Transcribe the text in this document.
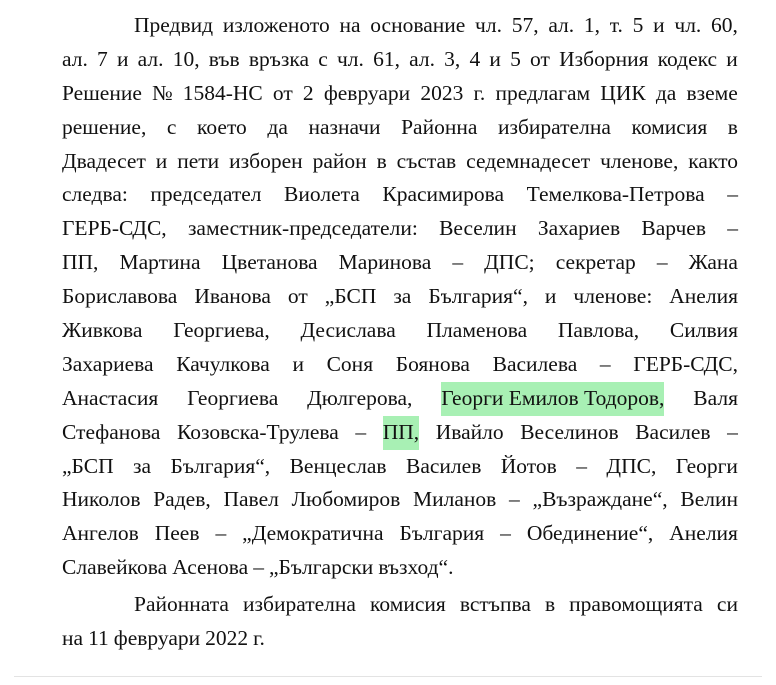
Предвид изложеното на основание чл. 57, ал. 1, т. 5 и чл. 60,
ал. 7 и ал. 10, във връзка с чл. 61, ал. 3, 4 и 5 от Изборния кодекс и
Решение № 1584-НС от 2 февруари 2023 г. предлагам ЦИК да вземе
решение, с което да назначи Районна избирателна комисия в
Двадесет и пети изборен район в състав седемнадесет членове, както
следва: председател Виолета Красимирова Темелкова-Петрова –
ГЕРБ-СДС, заместник-председатели: Веселин Захариев Варчев –
ПП, Мартина Цветанова Маринова – ДПС; секретар – Жана
Бориславова Иванова от „БСП за България“, и членове: Анелия
Живкова Георгиева, Десислава Пламенова Павлова, Силвия
Захариева Качулкова и Соня Боянова Василева – ГЕРБ-СДС,
Анастасия Георгиева Дюлгерова, Георги Емилов Тодоров, Валя
Стефанова Козовска-Трулева – ПП, Ивайло Веселинов Василев –
„БСП за България“, Венцеслав Василев Йотов – ДПС, Георги
Николов Радев, Павел Любомиров Миланов – „Възраждане“, Велин
Ангелов Пеев – „Демократична България – Обединение“, Анелия
Славейкова Асенова – „Български възход“.
Районната избирателна комисия встъпва в правомощията си
на 11 февруари 2022 г.
